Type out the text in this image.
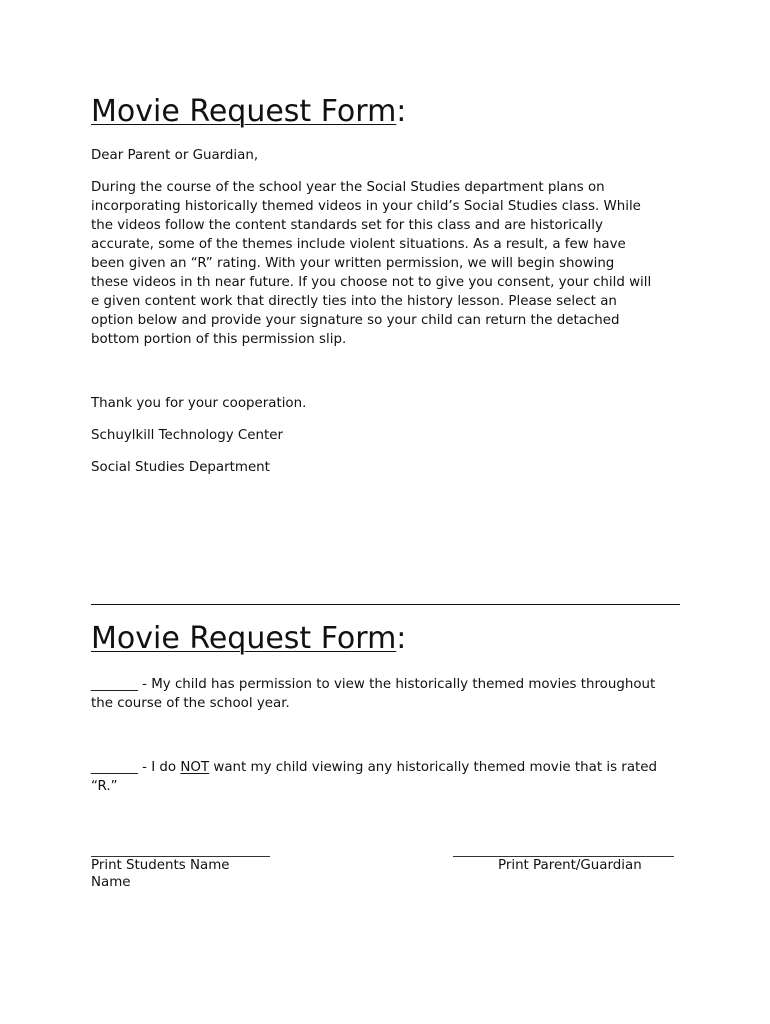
Movie Request Form:

Dear Parent or Guardian,

During the course of the school year the Social Studies department plans on
incorporating historically themed videos in your child’s Social Studies class. While
the videos follow the content standards set for this class and are historically
accurate, some of the themes include violent situations. As a result, a few have
been given an “R” rating. With your written permission, we will begin showing
these videos in th near future. If you choose not to give you consent, your child will
e given content work that directly ties into the history lesson. Please select an
option below and provide your signature so your child can return the detached
bottom portion of this permission slip.

Thank you for your cooperation.

Schuylkill Technology Center

Social Studies Department

Movie Request Form:
_______ - My child has permission to view the historically themed movies throughout
the course of the school year.
_______ - I do NOT want my child viewing any historically themed movie that is rated
“R.”

Print Students Name
Name

Print Parent/Guardian
